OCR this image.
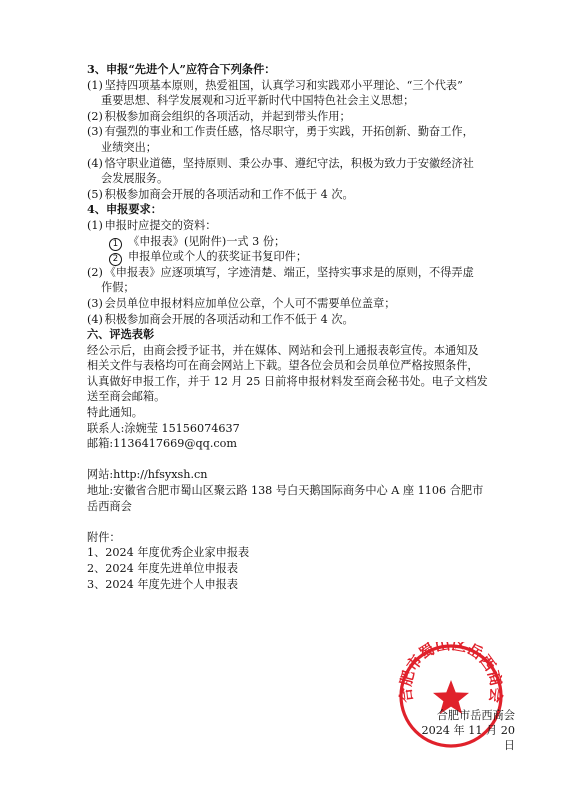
3、申报“先进个人”应符合下列条件：
(1) 坚持四项基本原则，热爱祖国，认真学习和实践邓小平理论、“三个代表”
重要思想、科学发展观和习近平新时代中国特色社会主义思想；
(2) 积极参加商会组织的各项活动，并起到带头作用；
(3) 有强烈的事业和工作责任感，恪尽职守，勇于实践，开拓创新、勤奋工作，
业绩突出；
(4) 恪守职业道德，坚持原则、秉公办事、遵纪守法，积极为致力于安徽经济社
会发展服务。
(5) 积极参加商会开展的各项活动和工作不低于 4 次。
4、申报要求：
(1) 申报时应提交的资料：
1 《申报表》(见附件)一式 3 份；
2 申报单位或个人的获奖证书复印件；
(2) 《申报表》应逐项填写，字迹清楚、端正，坚持实事求是的原则，不得弄虚
作假；
(3) 会员单位申报材料应加单位公章，个人可不需要单位盖章；
(4) 积极参加商会开展的各项活动和工作不低于 4 次。
六、评选表彰
经公示后，由商会授予证书，并在媒体、网站和会刊上通报表彰宣传。本通知及
相关文件与表格均可在商会网站上下载。望各位会员和会员单位严格按照条件，
认真做好申报工作，并于 12 月 25 日前将申报材料发至商会秘书处。电子文档发
送至商会邮箱。
特此通知。
联系人:涂婉莹 15156074637
邮箱:1136417669@qq.com
网站:http://hfsyxsh.cn
地址:安徽省合肥市蜀山区聚云路 138 号白天鹅国际商务中心 A 座 1106 合肥市
岳西商会
附件：
1、2024 年度优秀企业家申报表
2、2024 年度先进单位申报表
3、2024 年度先进个人申报表
合肥市蜀山区岳西商会
合肥市岳西商会
2024 年 11 月 20 日
